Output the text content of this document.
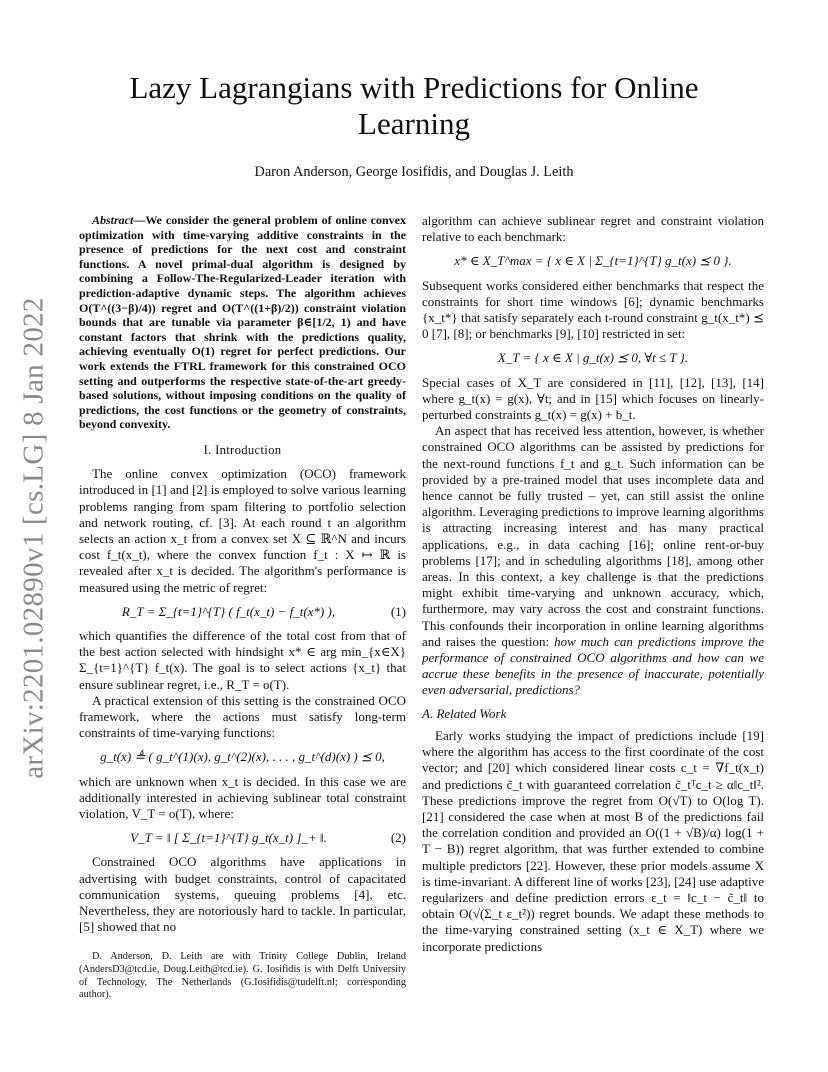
arXiv:2201.02890v1 [cs.LG] 8 Jan 2022
Lazy Lagrangians with Predictions for Online Learning
Daron Anderson, George Iosifidis, and Douglas J. Leith

Abstract—We consider the general problem of online convex optimization with time-varying additive constraints in the presence of predictions for the next cost and constraint functions. A novel primal-dual algorithm is designed by combining a Follow-The-Regularized-Leader iteration with prediction-adaptive dynamic steps. The algorithm achieves O(T^((3−β)/4)) regret and O(T^((1+β)/2)) constraint violation bounds that are tunable via parameter β∈[1/2, 1) and have constant factors that shrink with the predictions quality, achieving eventually O(1) regret for perfect predictions. Our work extends the FTRL framework for this constrained OCO setting and outperforms the respective state-of-the-art greedy-based solutions, without imposing conditions on the quality of predictions, the cost functions or the geometry of constraints, beyond convexity.

I. Introduction

The online convex optimization (OCO) framework introduced in [1] and [2] is employed to solve various learning problems ranging from spam filtering to portfolio selection and network routing, cf. [3]. At each round t an algorithm selects an action x_t from a convex set X ⊆ ℝ^N and incurs cost f_t(x_t), where the convex function f_t : X ↦ ℝ is revealed after x_t is decided. The algorithm's performance is measured using the metric of regret:

R_T = Σ_{t=1}^{T} ( f_t(x_t) − f_t(x*) ),	(1)

which quantifies the difference of the total cost from that of the best action selected with hindsight x* ∈ arg min_{x∈X} Σ_{t=1}^{T} f_t(x). The goal is to select actions {x_t} that ensure sublinear regret, i.e., R_T = o(T).

A practical extension of this setting is the constrained OCO framework, where the actions must satisfy long-term constraints of time-varying functions:

g_t(x) ≜ ( g_t^(1)(x), g_t^(2)(x), . . . , g_t^(d)(x) ) ⪯ 0,

which are unknown when x_t is decided. In this case we are additionally interested in achieving sublinear total constraint violation, V_T = o(T), where:

V_T = ‖ [ Σ_{t=1}^{T} g_t(x_t) ]_+ ‖.	(2)

Constrained OCO algorithms have applications in advertising with budget constraints, control of capacitated communication systems, queuing problems [4], etc. Nevertheless, they are notoriously hard to tackle. In particular, [5] showed that no

D. Anderson, D. Leith are with Trinity College Dublin, Ireland (AndersD3@tcd.ie, Doug.Leith@tcd.ie). G. Iosifidis is with Delft University of Technology, The Netherlands (G.Iosifidis@tudelft.nl; corresponding author).

algorithm can achieve sublinear regret and constraint violation relative to each benchmark:

x* ∈ X_T^max = { x ∈ X | Σ_{t=1}^{T} g_t(x) ⪯ 0 }.

Subsequent works considered either benchmarks that respect the constraints for short time windows [6]; dynamic benchmarks {x_t*} that satisfy separately each t-round constraint g_t(x_t*) ⪯ 0 [7], [8]; or benchmarks [9], [10] restricted in set:

X_T = { x ∈ X | g_t(x) ⪯ 0, ∀t ≤ T }.

Special cases of X_T are considered in [11], [12], [13], [14] where g_t(x) = g(x), ∀t; and in [15] which focuses on linearly-perturbed constraints g_t(x) = g(x) + b_t.

An aspect that has received less attention, however, is whether constrained OCO algorithms can be assisted by predictions for the next-round functions f_t and g_t. Such information can be provided by a pre-trained model that uses incomplete data and hence cannot be fully trusted – yet, can still assist the online algorithm. Leveraging predictions to improve learning algorithms is attracting increasing interest and has many practical applications, e.g., in data caching [16]; online rent-or-buy problems [17]; and in scheduling algorithms [18], among other areas. In this context, a key challenge is that the predictions might exhibit time-varying and unknown accuracy, which, furthermore, may vary across the cost and constraint functions. This confounds their incorporation in online learning algorithms and raises the question: how much can predictions improve the performance of constrained OCO algorithms and how can we accrue these benefits in the presence of inaccurate, potentially even adversarial, predictions?

A. Related Work

Early works studying the impact of predictions include [19] where the algorithm has access to the first coordinate of the cost vector; and [20] which considered linear costs c_t = ∇f_t(x_t) and predictions c̃_t with guaranteed correlation c̃_tᵀc_t ≥ α‖c_t‖². These predictions improve the regret from O(√T) to O(log T). [21] considered the case when at most B of the predictions fail the correlation condition and provided an O((1 + √B)/α) log(1 + T − B)) regret algorithm, that was further extended to combine multiple predictors [22]. However, these prior models assume X is time-invariant. A different line of works [23], [24] use adaptive regularizers and define prediction errors ε_t = ‖c_t − c̃_t‖ to obtain O(√(Σ_t ε_t²)) regret bounds. We adapt these methods to the time-varying constrained setting (x_t ∈ X_T) where we incorporate predictions
